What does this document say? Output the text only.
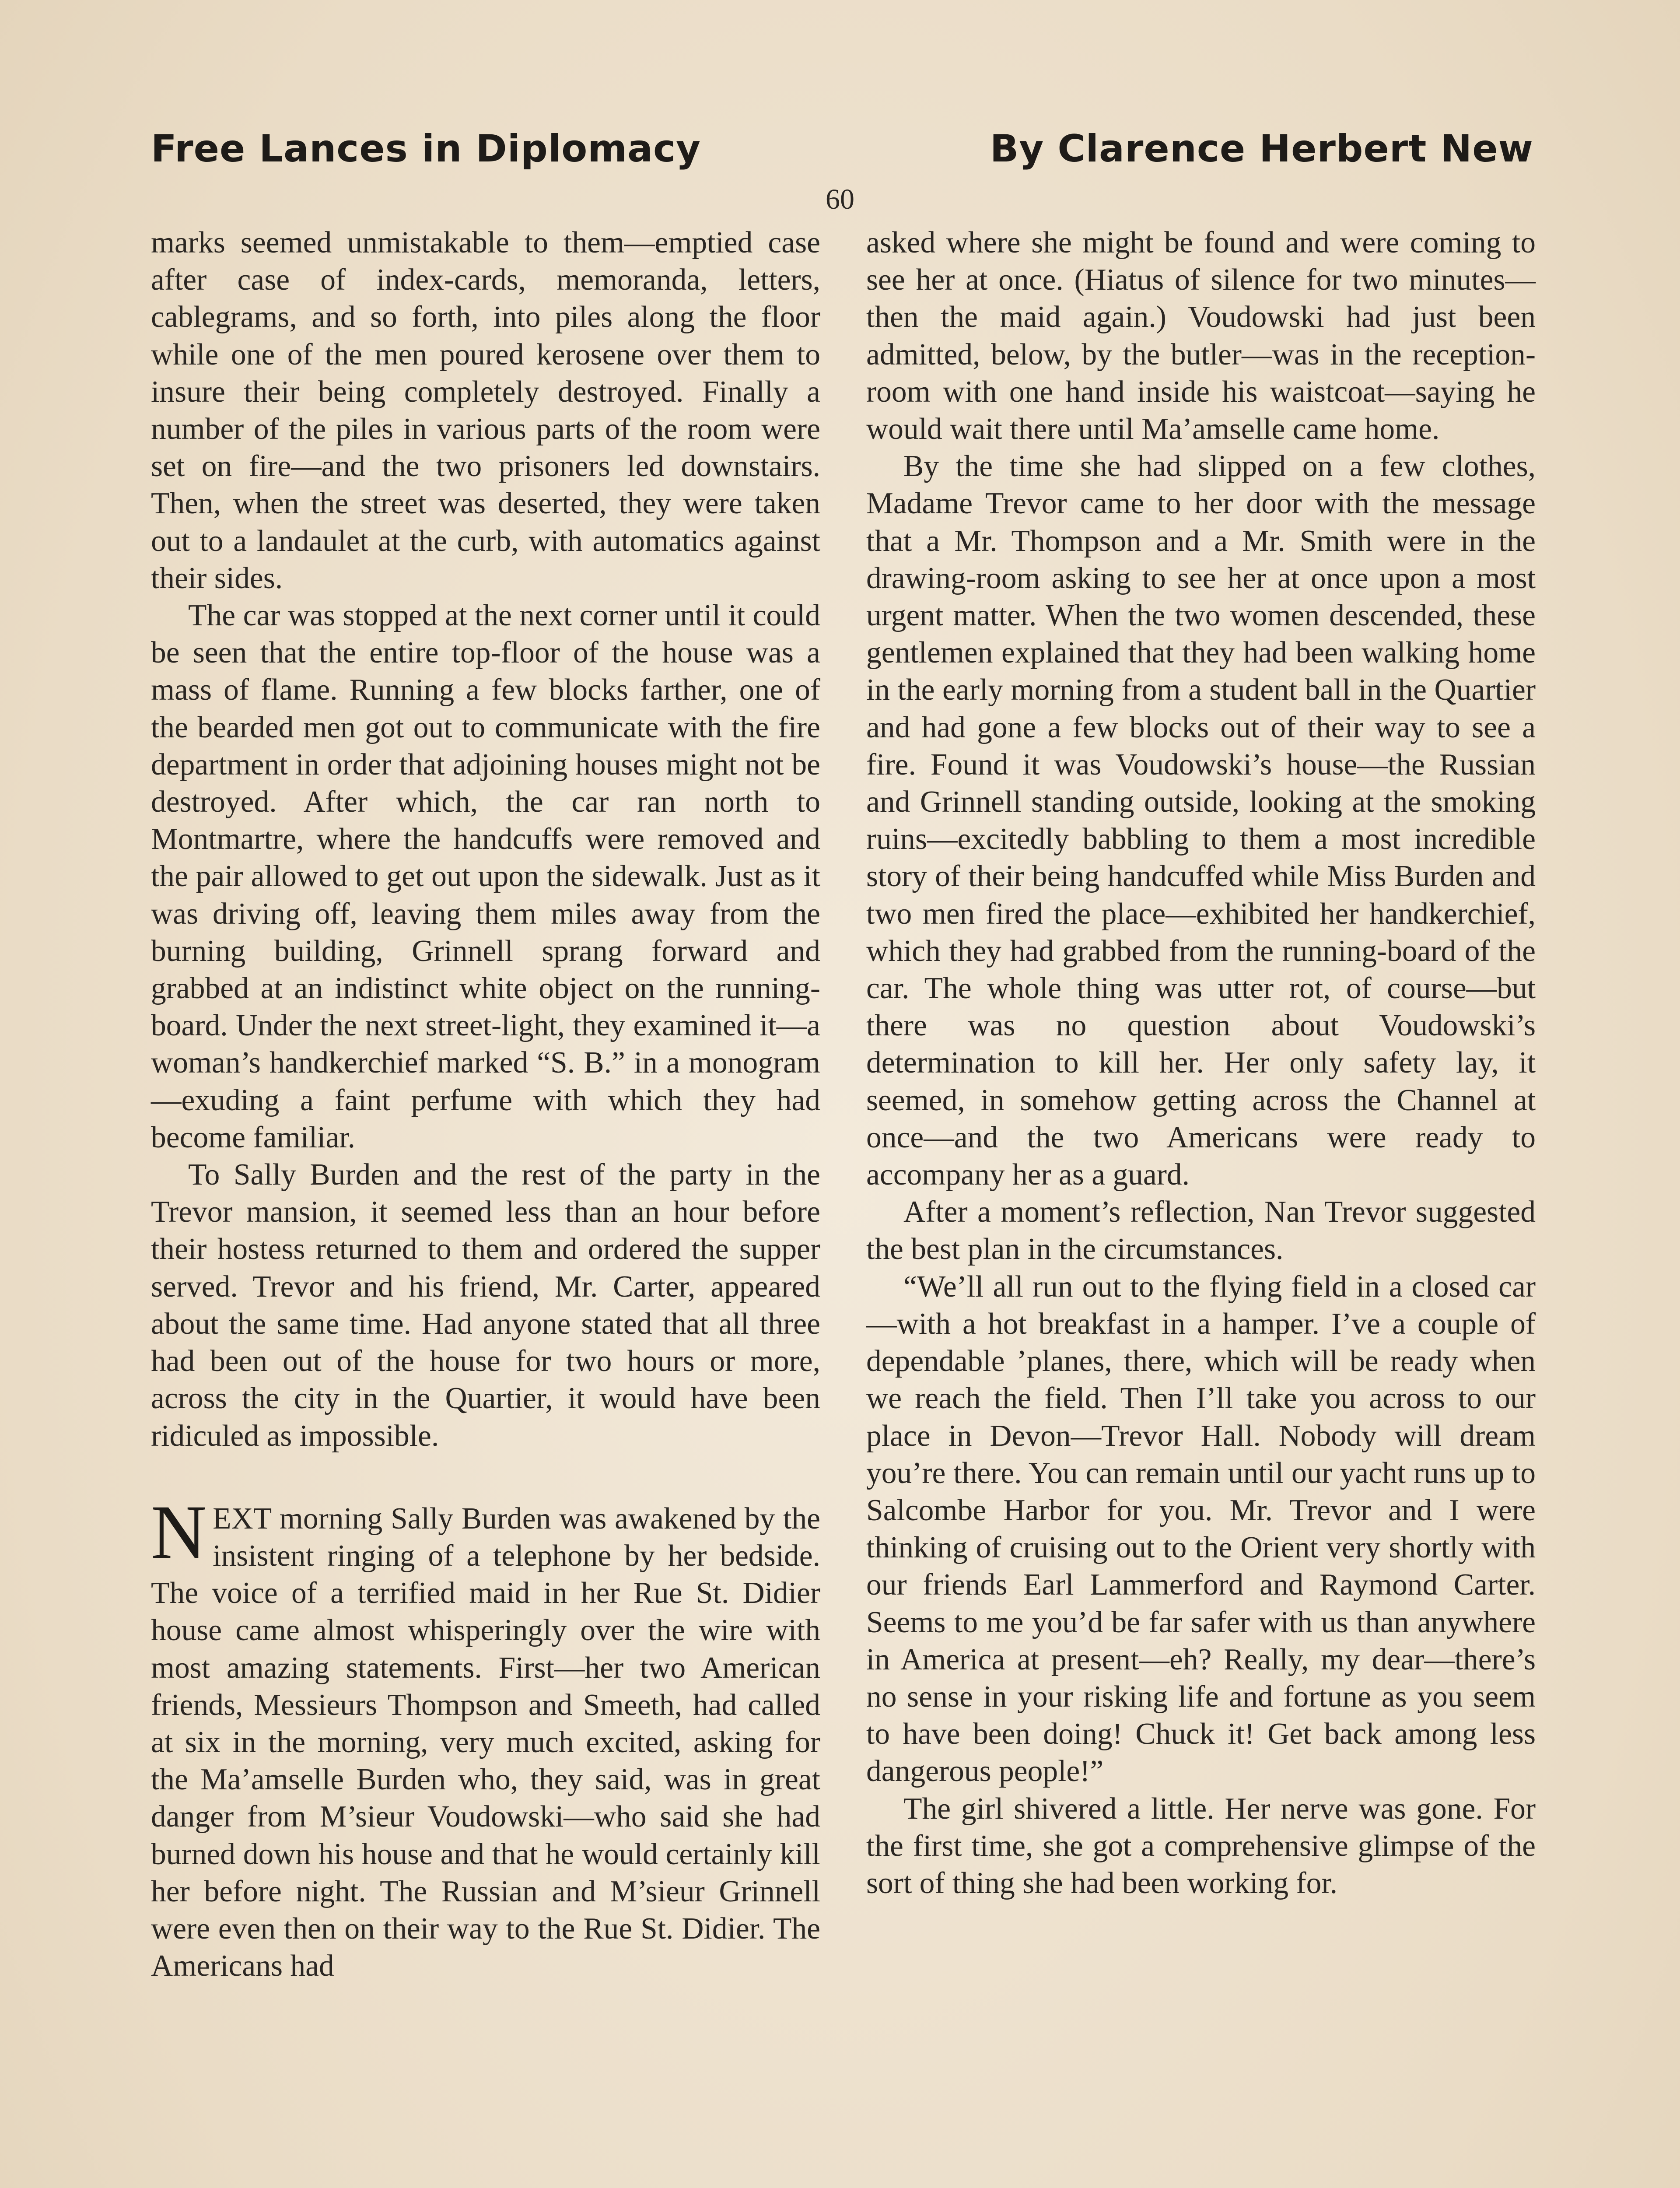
Free Lances in Diplomacy	By Clarence Herbert New
60

marks seemed unmistakable to them—emptied case after case of index-cards, memoranda, letters, cablegrams, and so forth, into piles along the floor while one of the men poured kerosene over them to insure their being completely destroyed. Finally a number of the piles in various parts of the room were set on fire—and the two prisoners led downstairs. Then, when the street was deserted, they were taken out to a landaulet at the curb, with automatics against their sides.

The car was stopped at the next corner until it could be seen that the entire top-floor of the house was a mass of flame. Running a few blocks farther, one of the bearded men got out to communicate with the fire department in order that adjoining houses might not be destroyed. After which, the car ran north to Montmartre, where the handcuffs were removed and the pair allowed to get out upon the sidewalk. Just as it was driving off, leaving them miles away from the burning building, Grinnell sprang forward and grabbed at an indistinct white object on the running-board. Under the next street-light, they examined it—a woman’s handkerchief marked “S. B.” in a monogram—exuding a faint perfume with which they had become familiar.

To Sally Burden and the rest of the party in the Trevor mansion, it seemed less than an hour before their hostess returned to them and ordered the supper served. Trevor and his friend, Mr. Carter, appeared about the same time. Had anyone stated that all three had been out of the house for two hours or more, across the city in the Quartier, it would have been ridiculed as impossible.

NEXT morning Sally Burden was awakened by the insistent ringing of a telephone by her bedside. The voice of a terrified maid in her Rue St. Didier house came almost whisperingly over the wire with most amazing statements. First—her two American friends, Messieurs Thompson and Smeeth, had called at six in the morning, very much excited, asking for the Ma’amselle Burden who, they said, was in great danger from M’sieur Voudowski—who said she had burned down his house and that he would certainly kill her before night. The Russian and M’sieur Grinnell were even then on their way to the Rue St. Didier. The Americans had

asked where she might be found and were coming to see her at once. (Hiatus of silence for two minutes—then the maid again.) Voudowski had just been admitted, below, by the butler—was in the reception-room with one hand inside his waistcoat—saying he would wait there until Ma’amselle came home.

By the time she had slipped on a few clothes, Madame Trevor came to her door with the message that a Mr. Thompson and a Mr. Smith were in the drawing-room asking to see her at once upon a most urgent matter. When the two women descended, these gentlemen explained that they had been walking home in the early morning from a student ball in the Quartier and had gone a few blocks out of their way to see a fire. Found it was Voudowski’s house—the Russian and Grinnell standing outside, looking at the smoking ruins—excitedly babbling to them a most incredible story of their being handcuffed while Miss Burden and two men fired the place—exhibited her handkerchief, which they had grabbed from the running-board of the car. The whole thing was utter rot, of course—but there was no question about Voudowski’s determination to kill her. Her only safety lay, it seemed, in somehow getting across the Channel at once—and the two Americans were ready to accompany her as a guard.

After a moment’s reflection, Nan Trevor suggested the best plan in the circumstances.

“We’ll all run out to the flying field in a closed car—with a hot breakfast in a hamper. I’ve a couple of dependable ’planes, there, which will be ready when we reach the field. Then I’ll take you across to our place in Devon—Trevor Hall. Nobody will dream you’re there. You can remain until our yacht runs up to Salcombe Harbor for you. Mr. Trevor and I were thinking of cruising out to the Orient very shortly with our friends Earl Lammerford and Raymond Carter. Seems to me you’d be far safer with us than anywhere in America at present—eh? Really, my dear—there’s no sense in your risking life and fortune as you seem to have been doing! Chuck it! Get back among less dangerous people!”

The girl shivered a little. Her nerve was gone. For the first time, she got a comprehensive glimpse of the sort of thing she had been working for.
